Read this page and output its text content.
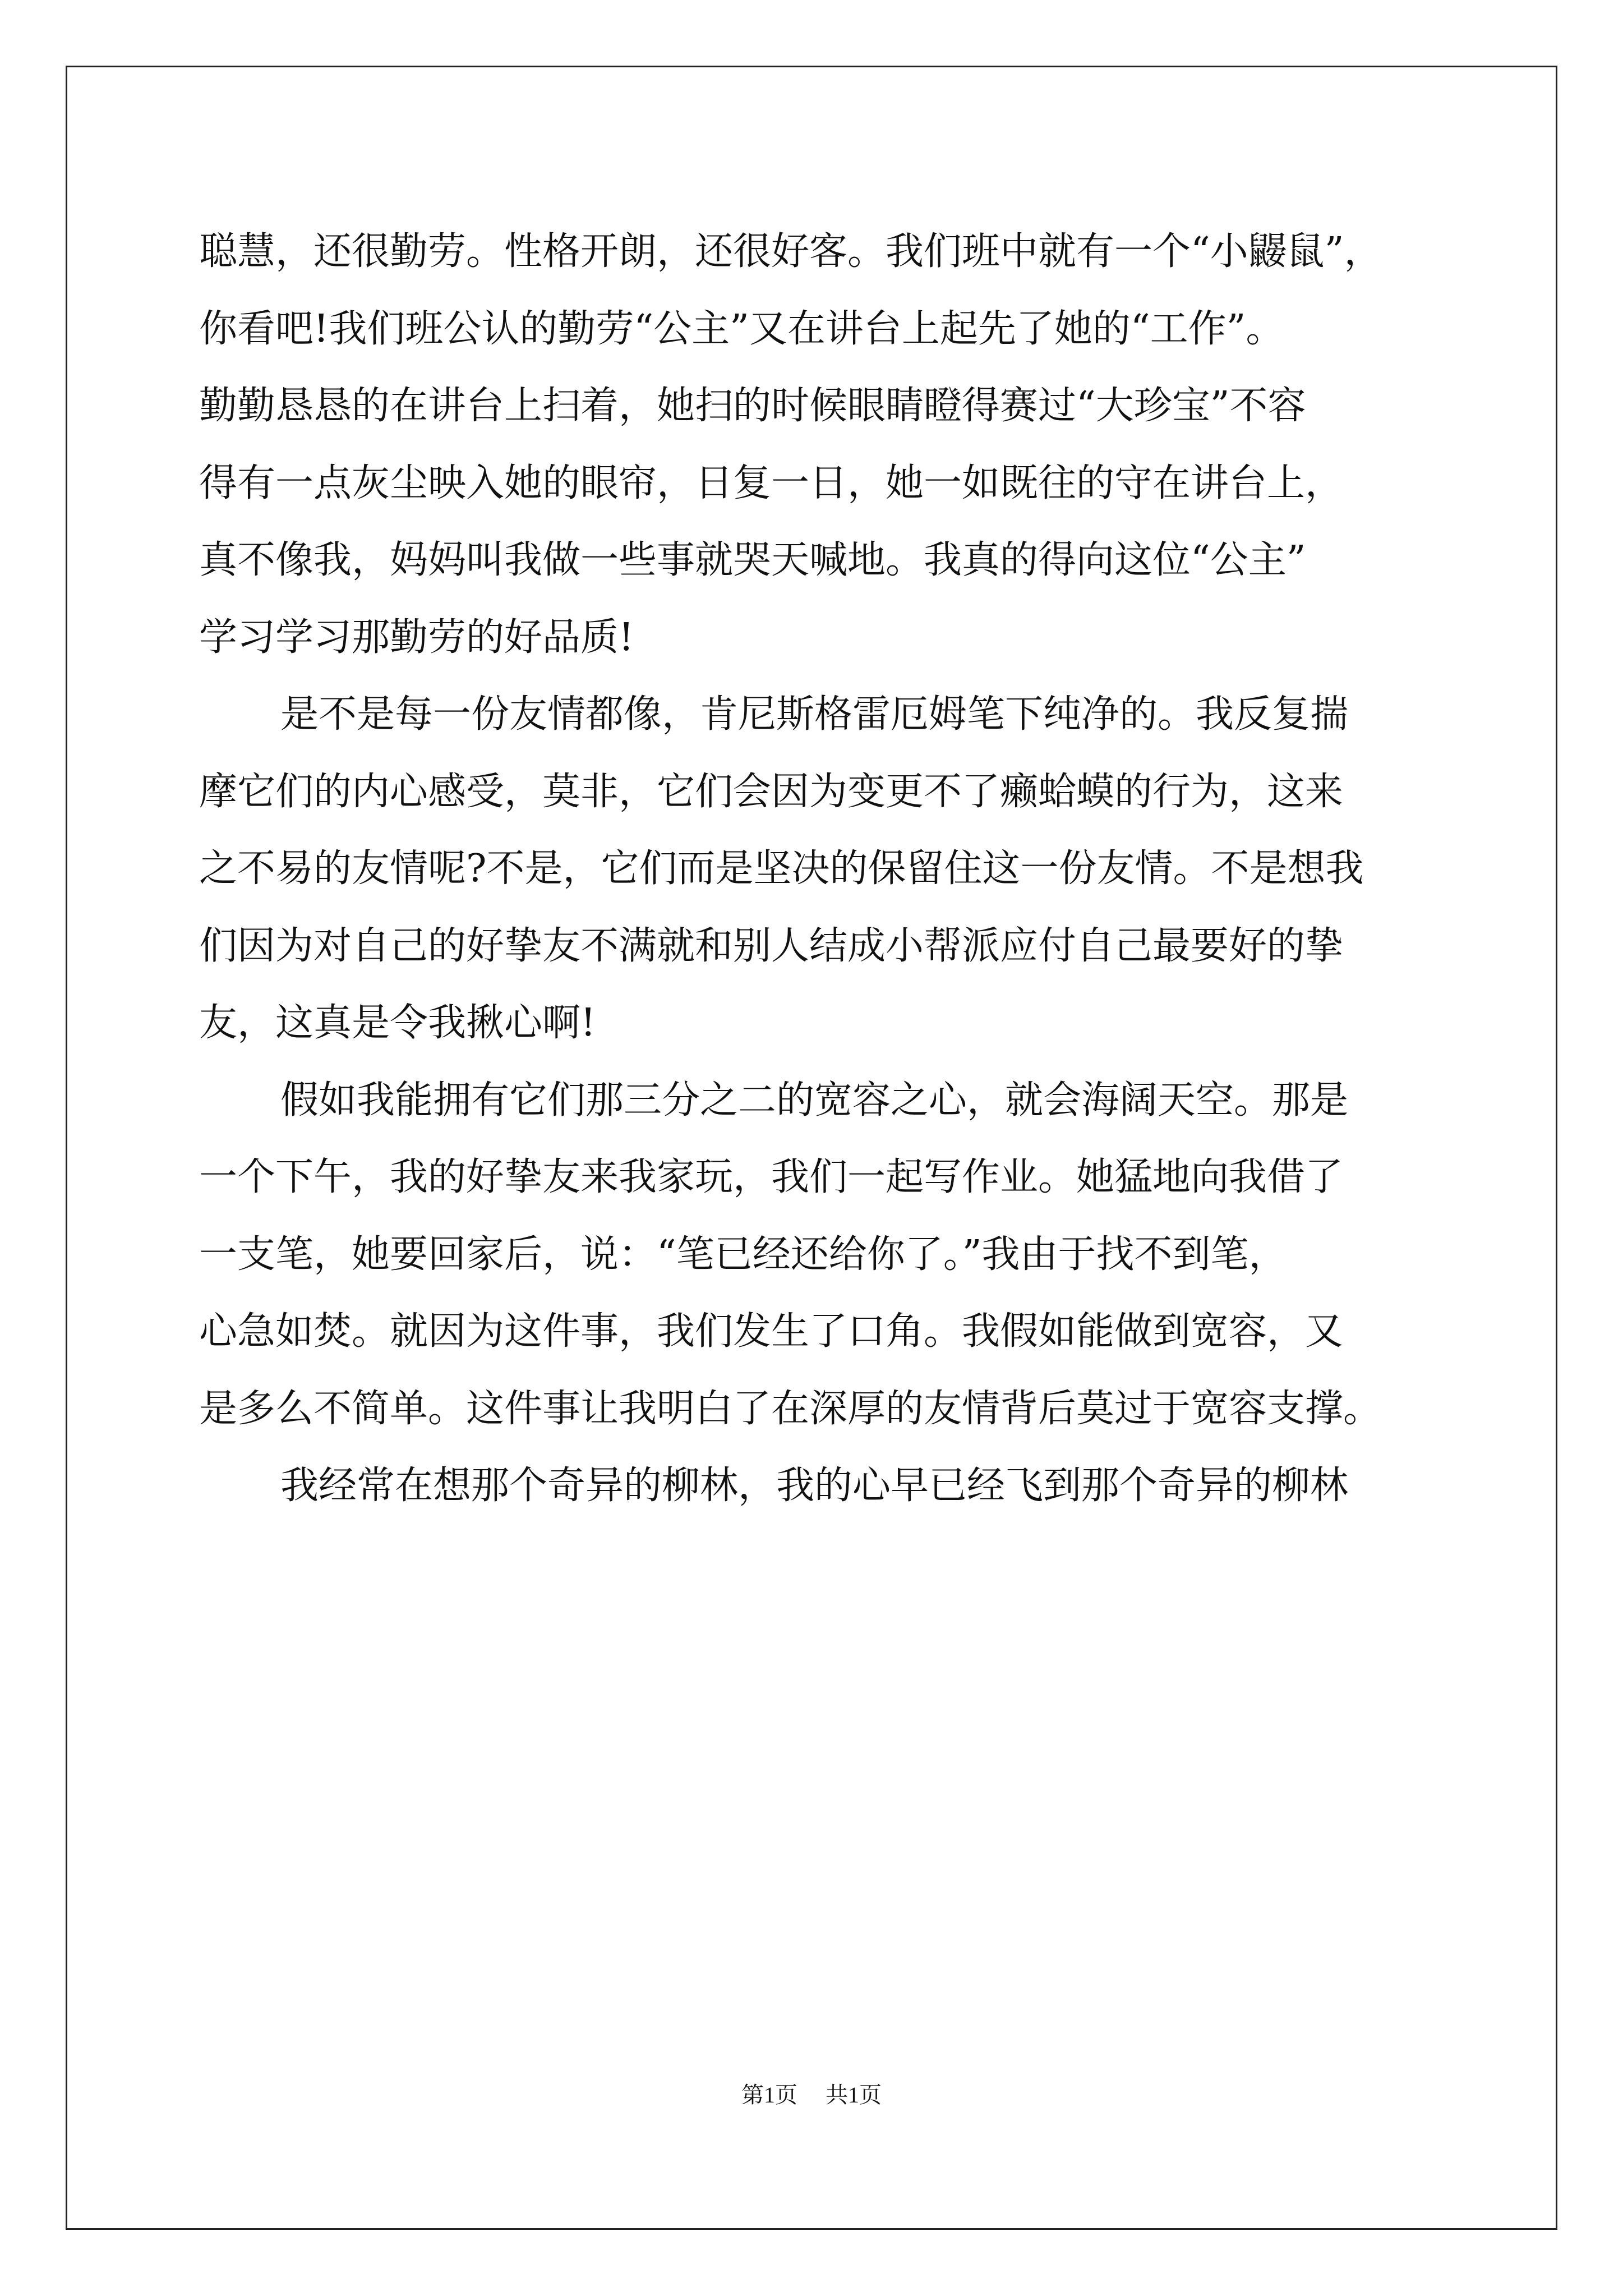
聪慧，还很勤劳。性格开朗，还很好客。我们班中就有一个“小鼹鼠”，
你看吧!我们班公认的勤劳“公主”又在讲台上起先了她的“工作”。
勤勤恳恳的在讲台上扫着，她扫的时候眼睛瞪得赛过“大珍宝”不容
得有一点灰尘映入她的眼帘，日复一日，她一如既往的守在讲台上，
真不像我，妈妈叫我做一些事就哭天喊地。我真的得向这位“公主”
学习学习那勤劳的好品质!
是不是每一份友情都像，肯尼斯格雷厄姆笔下纯净的。我反复揣
摩它们的内心感受，莫非，它们会因为变更不了癞蛤蟆的行为，这来
之不易的友情呢?不是，它们而是坚决的保留住这一份友情。不是想我
们因为对自己的好挚友不满就和别人结成小帮派应付自己最要好的挚
友，这真是令我揪心啊!
假如我能拥有它们那三分之二的宽容之心，就会海阔天空。那是
一个下午，我的好挚友来我家玩，我们一起写作业。她猛地向我借了
一支笔，她要回家后，说：“笔已经还给你了。”我由于找不到笔，
心急如焚。就因为这件事，我们发生了口角。我假如能做到宽容，又
是多么不简单。这件事让我明白了在深厚的友情背后莫过于宽容支撑。
我经常在想那个奇异的柳林，我的心早已经飞到那个奇异的柳林
第1页 共1页
